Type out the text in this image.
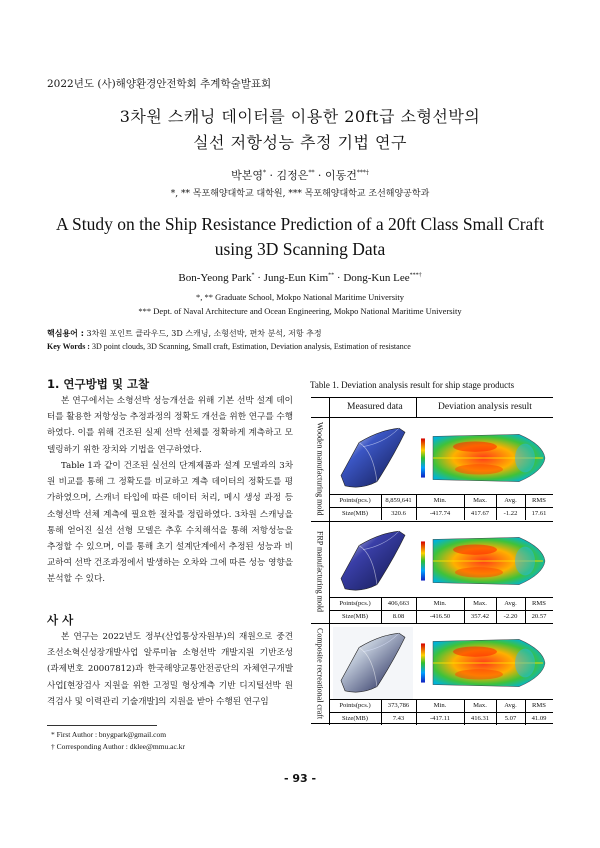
2022년도 (사)해양환경안전학회 추계학술발표회
3차원 스캐닝 데이터를 이용한 20ft급 소형선박의
실선 저항성능 추정 기법 연구
박본영* · 김정은** · 이동건***†
*, ** 목포해양대학교 대학원, *** 목포해양대학교 조선해양공학과
A Study on the Ship Resistance Prediction of a 20ft Class Small Craft
using 3D Scanning Data
Bon-Yeong Park* · Jung-Eun Kim** · Dong-Kun Lee***†
*, ** Graduate School, Mokpo National Maritime University
*** Dept. of Naval Architecture and Ocean Engineering, Mokpo National Maritime University
핵심용어 : 3차원 포인트 클라우드, 3D 스캐닝, 소형선박, 편차 분석, 저항 추정
Key Words : 3D point clouds, 3D Scanning, Small craft, Estimation, Deviation analysis, Estimation of resistance
1. 연구방법 및 고찰
본 연구에서는 소형선박 성능개선을 위해 기본 선박 설계 데이터를 활용한 저항성능 추정과정의 정확도 개선을 위한 연구를 수행하였다. 이를 위해 건조된 실제 선박 선체를 정확하게 계측하고 모델링하기 위한 장치와 기법을 연구하였다.
Table 1과 같이 건조된 실선의 단계제품과 설계 모델과의 3차원 비교를 통해 그 정확도를 비교하고 계측 데이터의 정확도를 평가하였으며, 스캐너 타입에 따른 데이터 처리, 메시 생성 과정 등 소형선박 선체 계측에 필요한 절차를 정립하였다. 3차원 스캐닝을 통해 얻어진 실선 선형 모델은 추후 수치해석을 통해 저항성능을 추정할 수 있으며, 이를 통해 초기 설계단계에서 추정된 성능과 비교하여 선박 건조과정에서 발생하는 오차와 그에 따른 성능 영향을 분석할 수 있다.
사 사
본 연구는 2022년도 정부(산업통상자원부)의 재원으로 중견조선소혁신성장개발사업 알루미늄 소형선박 개발지원 기반조성(과제번호 20007812)과 한국해양교통안전공단의 자체연구개발사업[현장검사 지원을 위한 고정밀 형상계측 기반 디지털선박 원격검사 및 이력관리 기술개발]의 지원을 받아 수행된 연구임
Table 1. Deviation analysis result for ship stage products
Measured data	Deviation analysis result
Wooden manufacturing mold	Points(pcs.)	8,859,641	Min.	Max.	Avg.	RMS
Size(MB)	320.6	-417.74	417.67	-1.22	17.61
FRP manufacturing mold	Points(pcs.)	406,663	Min.	Max.	Avg.	RMS
Size(MB)	8.08	-416.50	357.42	-2.20	20.57
Composite recreational craft	Points(pcs.)	373,786	Min.	Max.	Avg.	RMS
Size(MB)	7.43	-417.11	416.31	5.07	41.09
* First Author : bnygpark@gmail.com
† Corresponding Author : dklee@mmu.ac.kr
- 93 -
